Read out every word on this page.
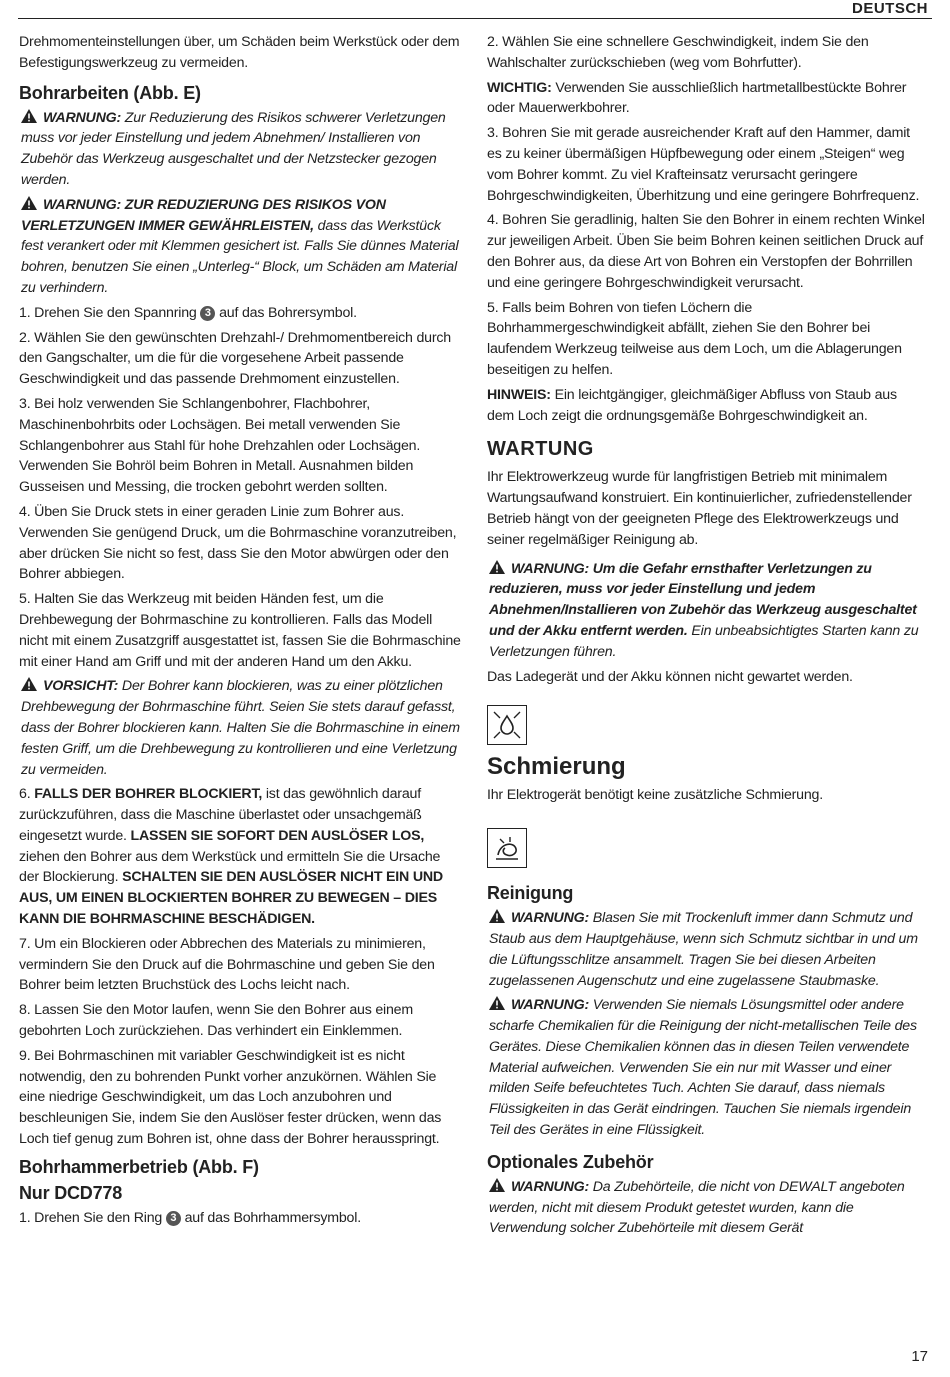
DEUTSCH

Drehmomenteinstellungen über, um Schäden beim Werkstück oder dem Befestigungswerkzeug zu vermeiden.

Bohrarbeiten (Abb. E)

WARNUNG: Zur Reduzierung des Risikos schwerer Verletzungen muss vor jeder Einstellung und jedem Abnehmen/ Installieren von Zubehör das Werkzeug ausgeschaltet und der Netzstecker gezogen werden.

WARNUNG: ZUR REDUZIERUNG DES RISIKOS VON VERLETZUNGEN IMMER GEWÄHRLEISTEN, dass das Werkstück fest verankert oder mit Klemmen gesichert ist. Falls Sie dünnes Material bohren, benutzen Sie einen „Unterleg-“ Block, um Schäden am Material zu verhindern.

1. Drehen Sie den Spannring 3 auf das Bohrersymbol.

2. Wählen Sie den gewünschten Drehzahl-/ Drehmomentbereich durch den Gangschalter, um die für die vorgesehene Arbeit passende Geschwindigkeit und das passende Drehmoment einzustellen.

3. Bei holz verwenden Sie Schlangenbohrer, Flachbohrer, Maschinenbohrbits oder Lochsägen. Bei metall verwenden Sie Schlangenbohrer aus Stahl für hohe Drehzahlen oder Lochsägen. Verwenden Sie Bohröl beim Bohren in Metall. Ausnahmen bilden Gusseisen und Messing, die trocken gebohrt werden sollten.

4. Üben Sie Druck stets in einer geraden Linie zum Bohrer aus. Verwenden Sie genügend Druck, um die Bohrmaschine voranzutreiben, aber drücken Sie nicht so fest, dass Sie den Motor abwürgen oder den Bohrer abbiegen.

5. Halten Sie das Werkzeug mit beiden Händen fest, um die Drehbewegung der Bohrmaschine zu kontrollieren. Falls das Modell nicht mit einem Zusatzgriff ausgestattet ist, fassen Sie die Bohrmaschine mit einer Hand am Griff und mit der anderen Hand um den Akku.

VORSICHT: Der Bohrer kann blockieren, was zu einer plötzlichen Drehbewegung der Bohrmaschine führt. Seien Sie stets darauf gefasst, dass der Bohrer blockieren kann. Halten Sie die Bohrmaschine in einem festen Griff, um die Drehbewegung zu kontrollieren und eine Verletzung zu vermeiden.

6. FALLS DER BOHRER BLOCKIERT, ist das gewöhnlich darauf zurückzuführen, dass die Maschine überlastet oder unsachgemäß eingesetzt wurde. LASSEN SIE SOFORT DEN AUSLÖSER LOS, ziehen den Bohrer aus dem Werkstück und ermitteln Sie die Ursache der Blockierung. SCHALTEN SIE DEN AUSLÖSER NICHT EIN UND AUS, UM EINEN BLOCKIERTEN BOHRER ZU BEWEGEN – DIES KANN DIE BOHRMASCHINE BESCHÄDIGEN.

7. Um ein Blockieren oder Abbrechen des Materials zu minimieren, vermindern Sie den Druck auf die Bohrmaschine und geben Sie den Bohrer beim letzten Bruchstück des Lochs leicht nach.

8. Lassen Sie den Motor laufen, wenn Sie den Bohrer aus einem gebohrten Loch zurückziehen. Das verhindert ein Einklemmen.

9. Bei Bohrmaschinen mit variabler Geschwindigkeit ist es nicht notwendig, den zu bohrenden Punkt vorher anzukörnen. Wählen Sie eine niedrige Geschwindigkeit, um das Loch anzubohren und beschleunigen Sie, indem Sie den Auslöser fester drücken, wenn das Loch tief genug zum Bohren ist, ohne dass der Bohrer herausspringt.

Bohrhammerbetrieb (Abb. F)
Nur DCD778

1. Drehen Sie den Ring 3 auf das Bohrhammersymbol.

2. Wählen Sie eine schnellere Geschwindigkeit, indem Sie den Wahlschalter zurückschieben (weg vom Bohrfutter).

WICHTIG: Verwenden Sie ausschließlich hartmetallbestückte Bohrer oder Mauerwerkbohrer.

3. Bohren Sie mit gerade ausreichender Kraft auf den Hammer, damit es zu keiner übermäßigen Hüpfbewegung oder einem „Steigen“ weg vom Bohrer kommt. Zu viel Krafteinsatz verursacht geringere Bohrgeschwindigkeiten, Überhitzung und eine geringere Bohrfrequenz.

4. Bohren Sie geradlinig, halten Sie den Bohrer in einem rechten Winkel zur jeweiligen Arbeit. Üben Sie beim Bohren keinen seitlichen Druck auf den Bohrer aus, da diese Art von Bohren ein Verstopfen der Bohrrillen und eine geringere Bohrgeschwindigkeit verursacht.

5. Falls beim Bohren von tiefen Löchern die Bohrhammergeschwindigkeit abfällt, ziehen Sie den Bohrer bei laufendem Werkzeug teilweise aus dem Loch, um die Ablagerungen beseitigen zu helfen.

HINWEIS: Ein leichtgängiger, gleichmäßiger Abfluss von Staub aus dem Loch zeigt die ordnungsgemäße Bohrgeschwindigkeit an.

WARTUNG

Ihr Elektrowerkzeug wurde für langfristigen Betrieb mit minimalem Wartungsaufwand konstruiert. Ein kontinuierlicher, zufriedenstellender Betrieb hängt von der geeigneten Pflege des Elektrowerkzeugs und seiner regelmäßiger Reinigung ab.

WARNUNG: Um die Gefahr ernsthafter Verletzungen zu reduzieren, muss vor jeder Einstellung und jedem Abnehmen/Installieren von Zubehör das Werkzeug ausgeschaltet und der Akku entfernt werden. Ein unbeabsichtigtes Starten kann zu Verletzungen führen.

Das Ladegerät und der Akku können nicht gewartet werden.

Schmierung

Ihr Elektrogerät benötigt keine zusätzliche Schmierung.

Reinigung

WARNUNG: Blasen Sie mit Trockenluft immer dann Schmutz und Staub aus dem Hauptgehäuse, wenn sich Schmutz sichtbar in und um die Lüftungsschlitze ansammelt. Tragen Sie bei diesen Arbeiten zugelassenen Augenschutz und eine zugelassene Staubmaske.

WARNUNG: Verwenden Sie niemals Lösungsmittel oder andere scharfe Chemikalien für die Reinigung der nicht-metallischen Teile des Gerätes. Diese Chemikalien können das in diesen Teilen verwendete Material aufweichen. Verwenden Sie ein nur mit Wasser und einer milden Seife befeuchtetes Tuch. Achten Sie darauf, dass niemals Flüssigkeiten in das Gerät eindringen. Tauchen Sie niemals irgendein Teil des Gerätes in eine Flüssigkeit.

Optionales Zubehör

WARNUNG: Da Zubehörteile, die nicht von DEWALT angeboten werden, nicht mit diesem Produkt getestet wurden, kann die Verwendung solcher Zubehörteile mit diesem Gerät

17
